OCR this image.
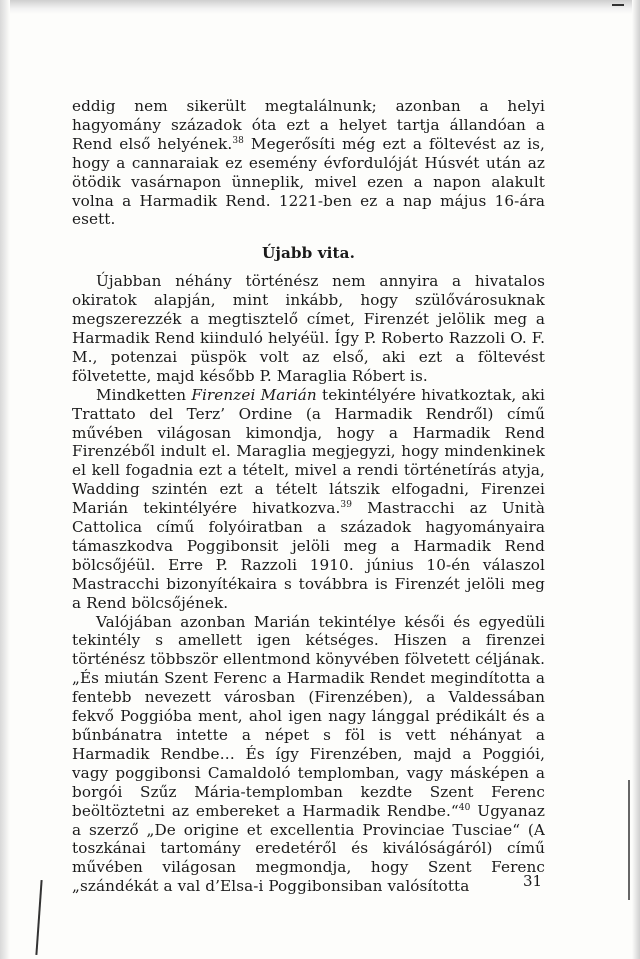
eddig nem sikerült megtalálnunk; azonban a helyi hagyomány századok óta ezt a helyet tartja állandóan a Rend első helyének.$^{38}$ Megerősíti még ezt a föltevést az is, hogy a cannaraiak ez esemény évfordulóját Húsvét után az ötödik vasárnapon ünneplik, mivel ezen a napon alakult volna a Harmadik Rend. 1221-ben ez a nap május 16-ára esett.

Újabb vita.

Újabban néhány történész nem annyira a hivatalos okiratok alapján, mint inkább, hogy szülővárosuknak megszerezzék a megtisztelő címet, Firenzét jelölik meg a Harmadik Rend kiinduló helyéül. Így P. Roberto Razzoli O. F. M., potenzai püspök volt az első, aki ezt a föltevést fölvetette, majd később P. Maraglia Róbert is.

Mindketten Firenzei Marián tekintélyére hivatkoztak, aki Trattato del Terz’ Ordine (a Harmadik Rendről) című művében világosan kimondja, hogy a Harmadik Rend Firenzéből indult el. Maraglia megjegyzi, hogy mindenkinek el kell fogadnia ezt a tételt, mivel a rendi történetírás atyja, Wadding szintén ezt a tételt látszik elfogadni, Firenzei Marián tekintélyére hivatkozva.$^{39}$ Mastracchi az Unità Cattolica című folyóiratban a századok hagyományaira támaszkodva Poggibonsit jelöli meg a Harmadik Rend bölcsőjéül. Erre P. Razzoli 1910. június 10-én válaszol Mastracchi bizonyítékaira s továbbra is Firenzét jelöli meg a Rend bölcsőjének.

Valójában azonban Marián tekintélye késői és egyedüli tekintély s amellett igen kétséges. Hiszen a firenzei történész többször ellentmond könyvében fölvetett céljának. „És miután Szent Ferenc a Harmadik Rendet megindította a fentebb nevezett városban (Firenzében), a Valdessában fekvő Poggióba ment, ahol igen nagy lánggal prédikált és a bűnbánatra intette a népet s föl is vett néhányat a Harmadik Rendbe… És így Firenzében, majd a Poggiói, vagy poggibonsi Camaldoló templomban, vagy másképen a borgói Szűz Mária-templomban kezdte Szent Ferenc beöltöztetni az embereket a Harmadik Rendbe.“$^{40}$ Ugyanaz a szerző „De origine et excellentia Provinciae Tusciae“ (A toszkánai tartomány eredetéről és kiválóságáról) című művében világosan megmondja, hogy Szent Ferenc „szándékát a val d’Elsa-i Poggibonsiban valósította	31
